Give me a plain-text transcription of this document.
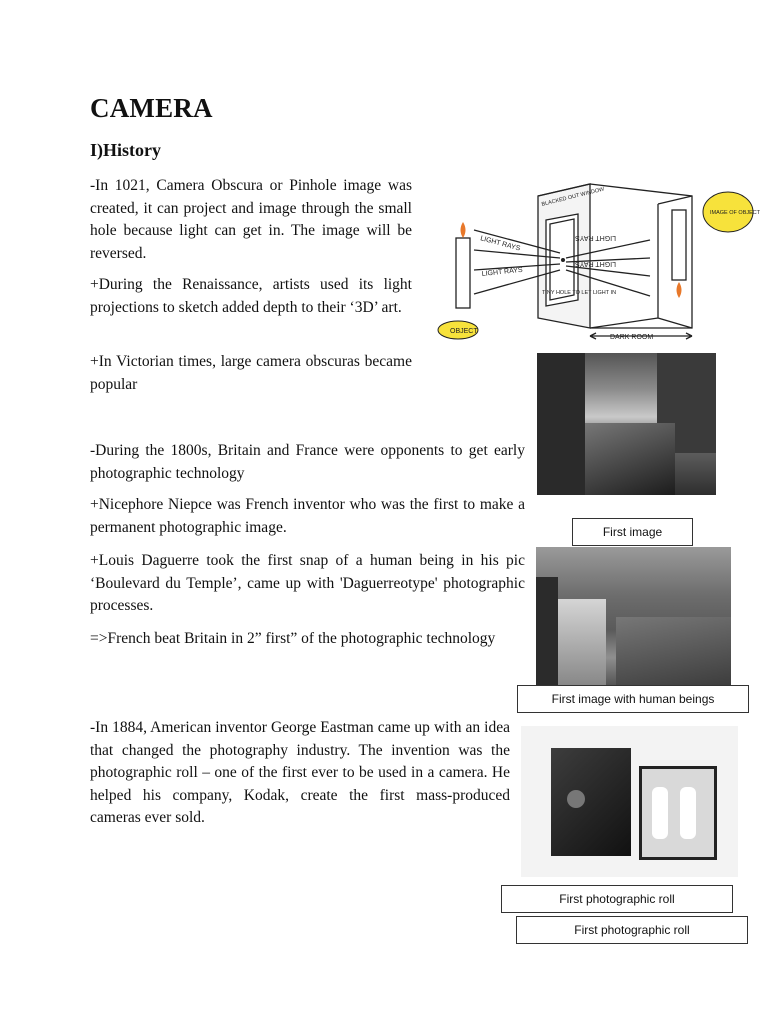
CAMERA
I)History

-In 1021, Camera Obscura or Pinhole image was created, it can project and image through the small hole because light can get in. The image will be reversed.

+During the Renaissance, artists used its light projections to sketch added depth to their ‘3D’ art.

+In Victorian times, large camera obscuras became popular

-During the 1800s, Britain and France were opponents to get early photographic technology

+Nicephore Niepce was French inventor who was the first to make a permanent photographic image.

+Louis Daguerre took the first snap of a human being in his pic ‘Boulevard du Temple’, came up with 'Daguerreotype' photographic processes.

=>French beat Britain in 2” first” of the photographic technology

-In 1884, American inventor George Eastman came up with an idea that changed the photography industry. The invention was the photographic roll – one of the first ever to be used in a camera. He helped his company, Kodak, create the first mass-produced cameras ever sold.

OBJECT
IMAGE OF OBJECT
BLACKED OUT WINDOW
LIGHT RAYS
LIGHT RAYS
TINY HOLE TO LET LIGHT IN
DARK ROOM
LIGHT RAYS
LIGHT RAYS
First image
First image with human beings
First photographic roll
First photographic roll
